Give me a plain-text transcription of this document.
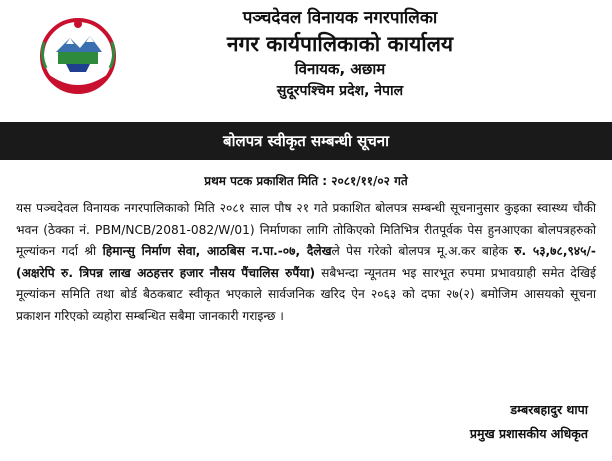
पञ्चदेवल विनायक नगरपालिका
नगर कार्यपालिकाको कार्यालय
विनायक, अछाम
सुदूरपश्चिम प्रदेश, नेपाल
बोलपत्र स्वीकृत सम्बन्धी सूचना
प्रथम पटक प्रकाशित मिति : २०८१/११/०२ गते
यस पञ्चदेवल विनायक नगरपालिकाको मिति २०८१ साल पौष २१ गते प्रकाशित बोलपत्र सम्बन्धी सूचनानुसार कुइका स्वास्थ्य चौकी भवन (ठेक्का नं. PBM/NCB/2081-082/W/01) निर्माणका लागि तोकिएको मितिभित्र रीतपूर्वक पेस हुनआएका बोलपत्रहरुको मूल्यांकन गर्दा श्री हिमान्सु निर्माण सेवा, आठबिस न.पा.-०७, दैलेखले पेस गरेको बोलपत्र मू.अ.कर बाहेक रु. ५३,७८,९४५/- (अक्षरेपि रु. त्रिपन्न लाख अठहत्तर हजार नौसय पैंचालिस रुपैंया) सबैभन्दा न्यूनतम भइ सारभूत रुपमा प्रभावग्राही समेत देखिई मूल्यांकन समिति तथा बोर्ड बैठकबाट स्वीकृत भएकाले सार्वजनिक खरिद ऐन २०६३ को दफा २७(२) बमोजिम आसयको सूचना प्रकाशन गरिएको व्यहोरा सम्बन्धित सबैमा जानकारी गराइन्छ ।
डम्बरबहादुर थापा
प्रमुख प्रशासकीय अधिकृत
